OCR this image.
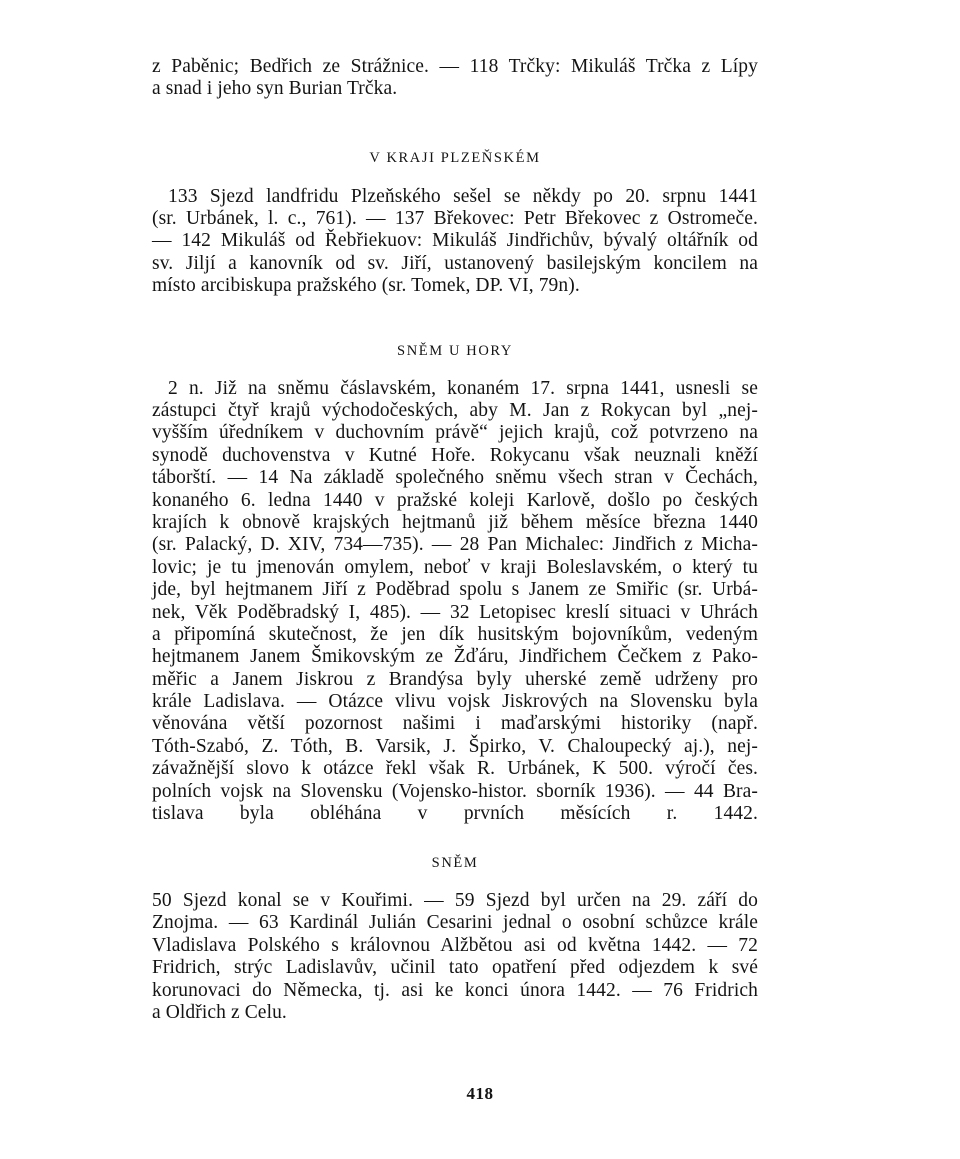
z Paběnic; Bedřich ze Strážnice. — 118 Trčky: Mikuláš Trčka z Lípy
a snad i jeho syn Burian Trčka.
V KRAJI PLZEŇSKÉM
133 Sjezd landfridu Plzeňského sešel se někdy po 20. srpnu 1441
(sr. Urbánek, l. c., 761). — 137 Břekovec: Petr Břekovec z Ostromeče.
— 142 Mikuláš od Řebřiekuov: Mikuláš Jindřichův, bývalý oltářník od
sv. Jiljí a kanovník od sv. Jiří, ustanovený basilejským koncilem na
místo arcibiskupa pražského (sr. Tomek, DP. VI, 79n).
SNĚM U HORY
2 n. Již na sněmu čáslavském, konaném 17. srpna 1441, usnesli se
zástupci čtyř krajů východočeských, aby M. Jan z Rokycan byl „nej-
vyšším úředníkem v duchovním právě“ jejich krajů, což potvrzeno na
synodě duchovenstva v Kutné Hoře. Rokycanu však neuznali kněží
táborští. — 14 Na základě společného sněmu všech stran v Čechách,
konaného 6. ledna 1440 v pražské koleji Karlově, došlo po českých
krajích k obnově krajských hejtmanů již během měsíce března 1440
(sr. Palacký, D. XIV, 734—735). — 28 Pan Michalec: Jindřich z Micha-
lovic; je tu jmenován omylem, neboť v kraji Boleslavském, o který tu
jde, byl hejtmanem Jiří z Poděbrad spolu s Janem ze Smiřic (sr. Urbá-
nek, Věk Poděbradský I, 485). — 32 Letopisec kreslí situaci v Uhrách
a připomíná skutečnost, že jen dík husitským bojovníkům, vedeným
hejtmanem Janem Šmikovským ze Žďáru, Jindřichem Čečkem z Pako-
měřic a Janem Jiskrou z Brandýsa byly uherské země udrženy pro
krále Ladislava. — Otázce vlivu vojsk Jiskrových na Slovensku byla
věnována větší pozornost našimi i maďarskými historiky (např.
Tóth-Szabó, Z. Tóth, B. Varsik, J. Špirko, V. Chaloupecký aj.), nej-
závažnější slovo k otázce řekl však R. Urbánek, K 500. výročí čes.
polních vojsk na Slovensku (Vojensko-histor. sborník 1936). — 44 Bra-
tislava byla obléhána v prvních měsících r. 1442.
SNĚM
50 Sjezd konal se v Kouřimi. — 59 Sjezd byl určen na 29. září do
Znojma. — 63 Kardinál Julián Cesarini jednal o osobní schůzce krále
Vladislava Polského s královnou Alžbětou asi od května 1442. — 72
Fridrich, strýc Ladislavův, učinil tato opatření před odjezdem k své
korunovaci do Německa, tj. asi ke konci února 1442. — 76 Fridrich
a Oldřich z Celu.
418
